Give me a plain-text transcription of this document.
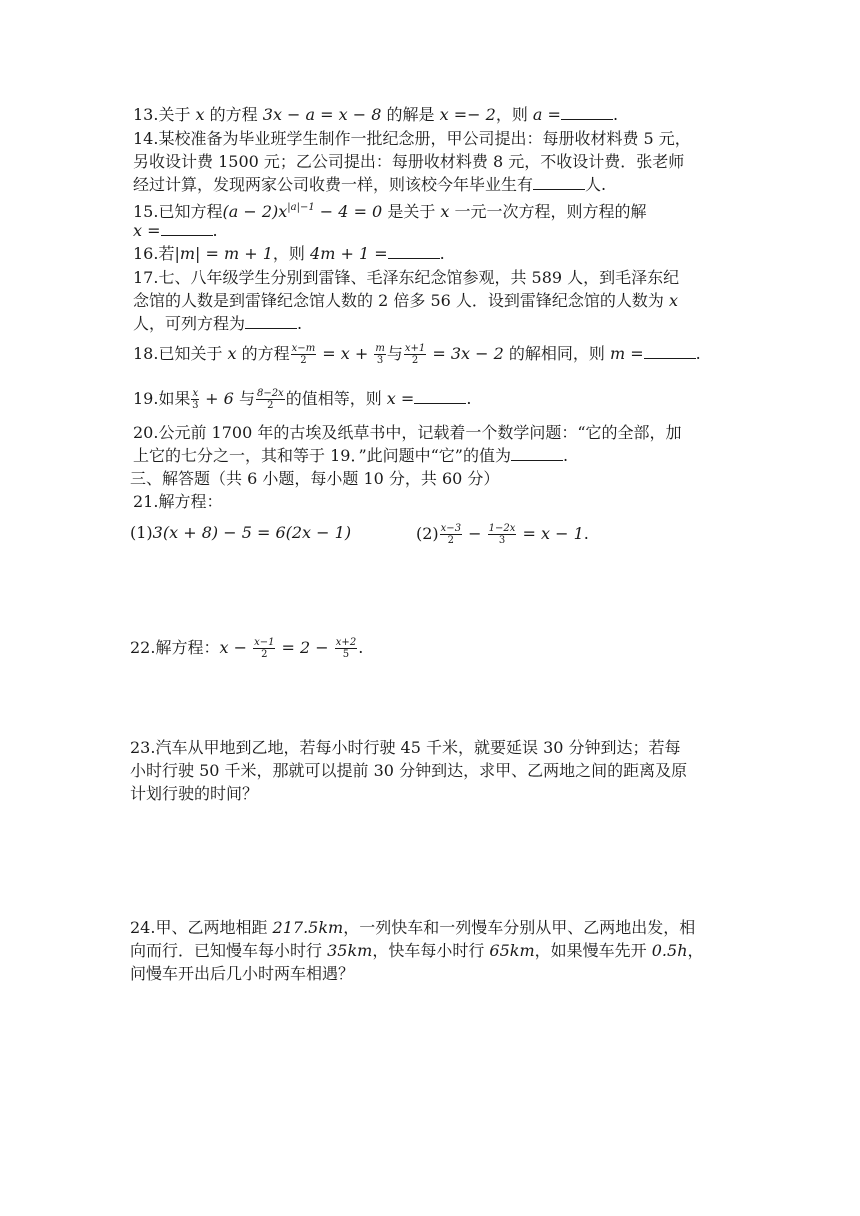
13.关于 x 的方程 3x − a = x − 8 的解是 x =− 2，则 a =	.
14.某校准备为毕业班学生制作一批纪念册，甲公司提出：每册收材料费 5 元，
另收设计费 1500 元；乙公司提出：每册收材料费 8 元，不收设计费．张老师
经过计算，发现两家公司收费一样，则该校今年毕业生有	人.
15.已知方程$(a - 2)x^{|a|-1} - 4 = 0$ 是关于 x 一元一次方程，则方程的解
x =	.
16.若|m| = m + 1，则 4m + 1 =	.
17.七、八年级学生分别到雷锋、毛泽东纪念馆参观，共 589 人，到毛泽东纪
念馆的人数是到雷锋纪念馆人数的 2 倍多 56 人．设到雷锋纪念馆的人数为 x
人，可列方程为	.
18.已知关于 x 的方程 $\frac{x-m}{2} = x + \frac{m}{3}$ 与 $\frac{x+1}{2} = 3x - 2$ 的解相同，则 m =	.
19.如果 $\frac{x}{3} + 6$ 与 $\frac{8-2x}{2}$ 的值相等，则 x =	.
20.公元前 1700 年的古埃及纸草书中，记载着一个数学问题：“它的全部，加
上它的七分之一，其和等于 19．”此问题中“它”的值为	.
三、解答题（共 6 小题，每小题 10 分，共 60 分）
21.解方程：
(1)3(x + 8) − 5 = 6(2x − 1)	$(2) \frac{x-3}{2} - \frac{1-2x}{3} = x - 1$.
22.解方程：$x - \frac{x-1}{2} = 2 - \frac{x+2}{5}$ .
23.汽车从甲地到乙地，若每小时行驶 45 千米，就要延误 30 分钟到达；若每
小时行驶 50 千米，那就可以提前 30 分钟到达，求甲、乙两地之间的距离及原
计划行驶的时间？
24.甲、乙两地相距 217.5km，一列快车和一列慢车分别从甲、乙两地出发，相
向而行．已知慢车每小时行 35km，快车每小时行 65km，如果慢车先开 0.5h，
问慢车开出后几小时两车相遇？
